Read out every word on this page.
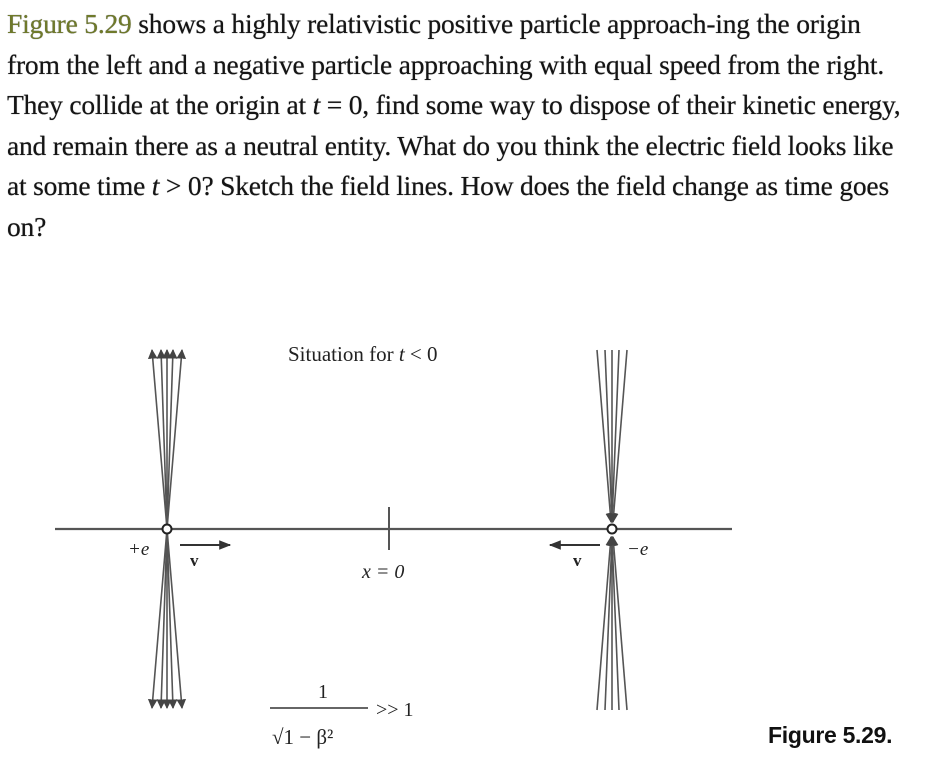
Figure 5.29 shows a highly relativistic positive particle approach-ing the origin from the left and a negative particle approaching with equal speed from the right. They collide at the origin at t = 0, find some way to dispose of their kinetic energy, and remain there as a neutral entity. What do you think the electric field looks like at some time t > 0? Sketch the field lines. How does the field change as time goes on?

Situation for t < 0
+e	−e
v	v
x = 0
1
√1 − β²
>> 1
Figure 5.29.
